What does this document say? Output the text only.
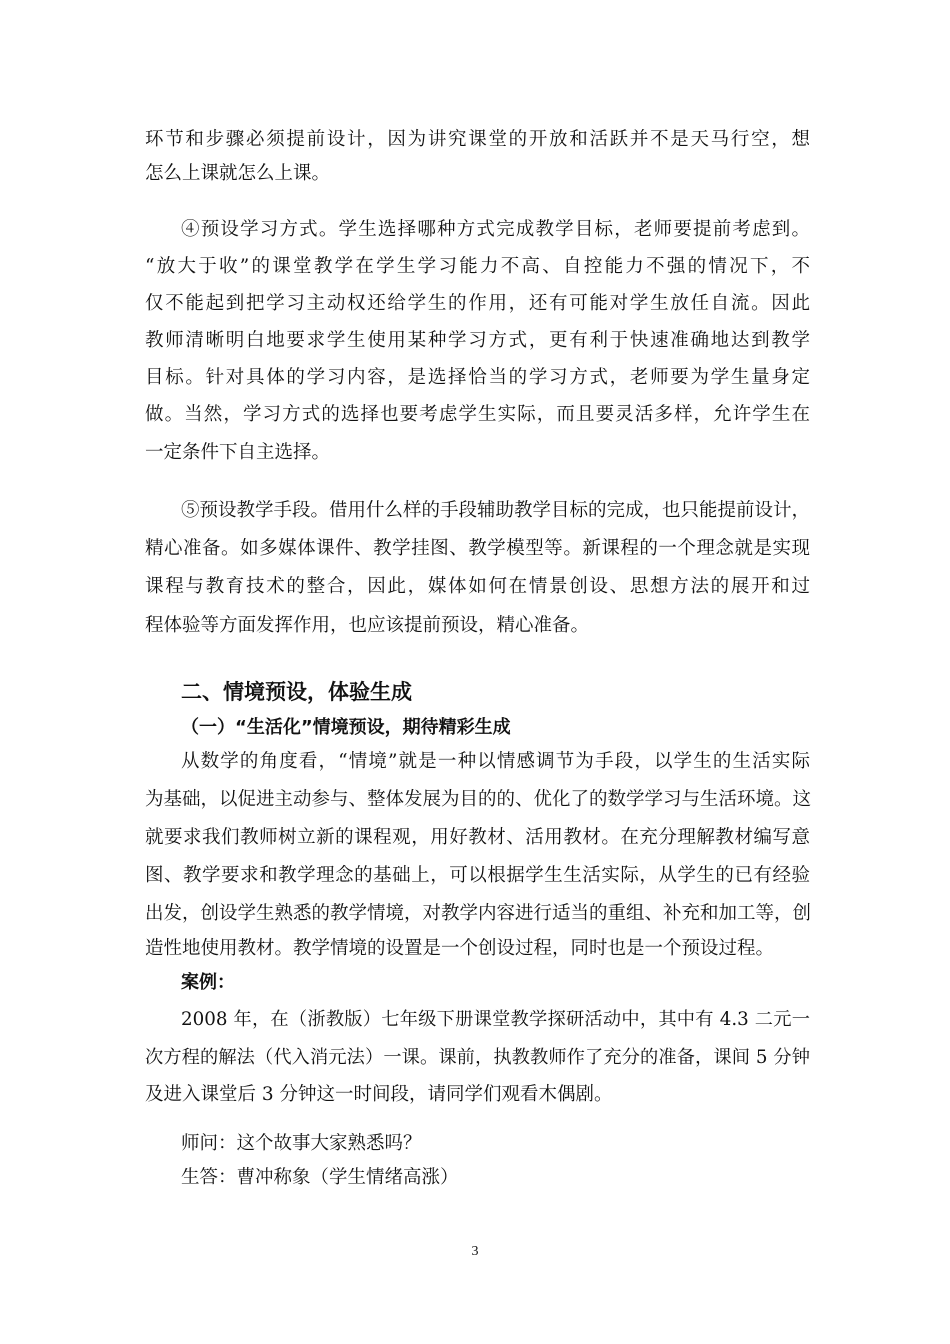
环节和步骤必须提前设计，因为讲究课堂的开放和活跃并不是天马行空，想
怎么上课就怎么上课。
④预设学习方式。学生选择哪种方式完成教学目标，老师要提前考虑到。
“放大于收”的课堂教学在学生学习能力不高、自控能力不强的情况下，不
仅不能起到把学习主动权还给学生的作用，还有可能对学生放任自流。因此
教师清晰明白地要求学生使用某种学习方式，更有利于快速准确地达到教学
目标。针对具体的学习内容，是选择恰当的学习方式，老师要为学生量身定
做。当然，学习方式的选择也要考虑学生实际，而且要灵活多样，允许学生在
一定条件下自主选择。
⑤预设教学手段。借用什么样的手段辅助教学目标的完成，也只能提前设计，
精心准备。如多媒体课件、教学挂图、教学模型等。新课程的一个理念就是实现
课程与教育技术的整合，因此，媒体如何在情景创设、思想方法的展开和过
程体验等方面发挥作用，也应该提前预设，精心准备。
二、情境预设，体验生成
（一）“生活化”情境预设，期待精彩生成
从数学的角度看，“情境”就是一种以情感调节为手段，以学生的生活实际
为基础，以促进主动参与、整体发展为目的的、优化了的数学学习与生活环境。这
就要求我们教师树立新的课程观，用好教材、活用教材。在充分理解教材编写意
图、教学要求和教学理念的基础上，可以根据学生生活实际，从学生的已有经验
出发，创设学生熟悉的教学情境，对教学内容进行适当的重组、补充和加工等，创
造性地使用教材。教学情境的设置是一个创设过程，同时也是一个预设过程。
案例：
2008 年，在（浙教版）七年级下册课堂教学探研活动中，其中有 4.3 二元一
次方程的解法（代入消元法）一课。课前，执教教师作了充分的准备，课间 5 分钟
及进入课堂后 3 分钟这一时间段，请同学们观看木偶剧。
师问：这个故事大家熟悉吗？
生答：曹冲称象（学生情绪高涨）
3
